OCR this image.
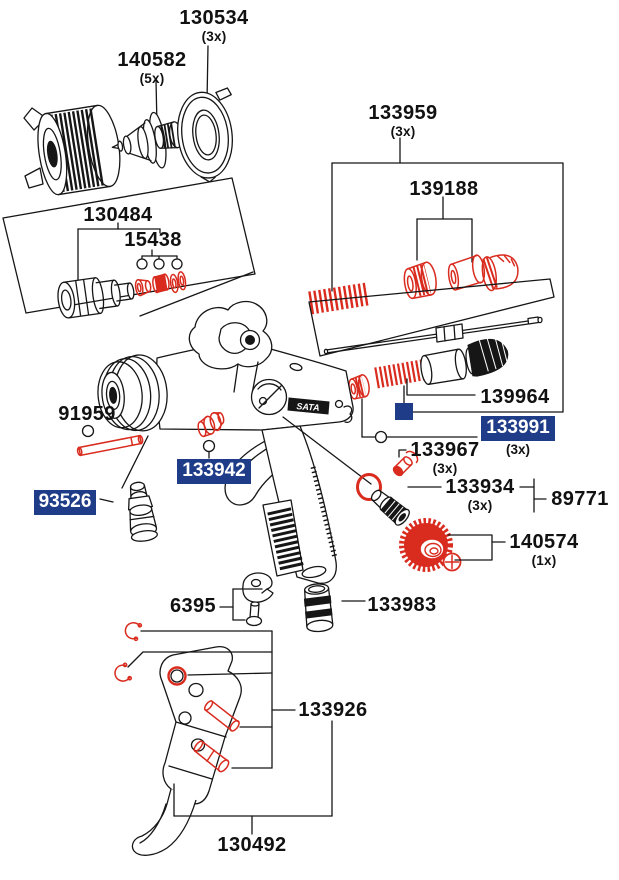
SATA
130534
(3x)
140582
(5x)
130484
15438
133959
(3x)
139188
139964
133991
(3x)
91959
133942
93526
133967
(3x)
133934
(3x)	89771
140574
(1x)
6395	133983
133926
130492
